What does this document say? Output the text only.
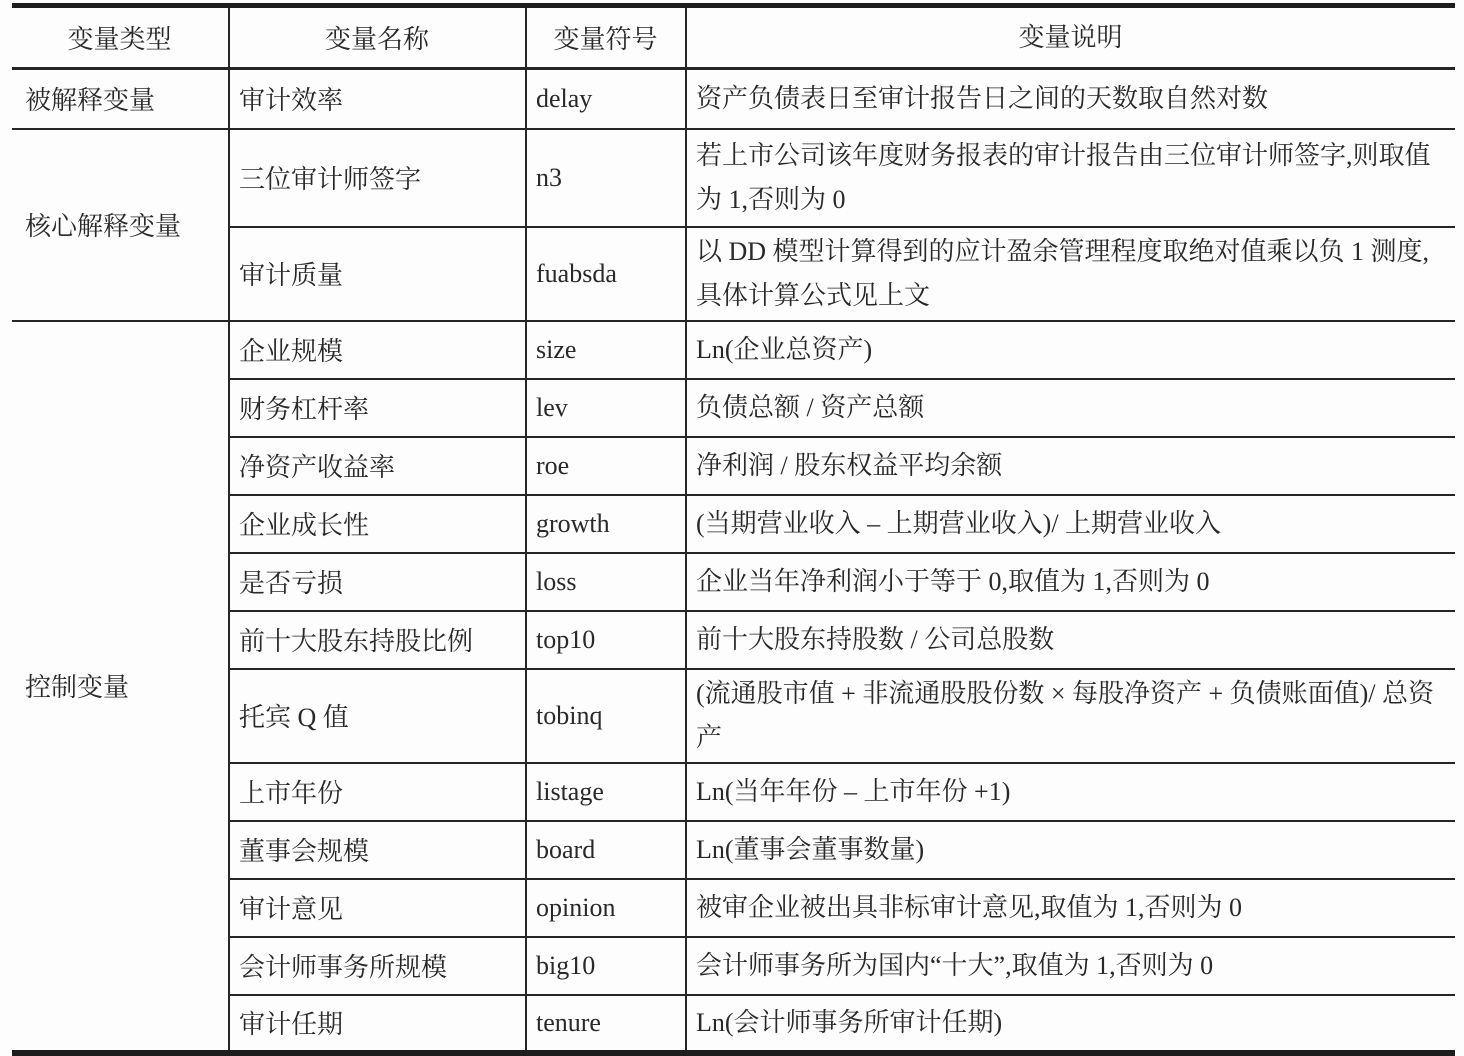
变量类型	变量名称	变量符号	变量说明
被解释变量	审计效率	delay	资产负债表日至审计报告日之间的天数取自然对数
核心解释变量	三位审计师签字	n3	若上市公司该年度财务报表的审计报告由三位审计师签字,则取值为 1,否则为 0
	审计质量	fuabsda	以 DD 模型计算得到的应计盈余管理程度取绝对值乘以负 1 测度,具体计算公式见上文
控制变量	企业规模	size	Ln(企业总资产)
	财务杠杆率	lev	负债总额 / 资产总额
	净资产收益率	roe	净利润 / 股东权益平均余额
	企业成长性	growth	(当期营业收入 – 上期营业收入)/ 上期营业收入
	是否亏损	loss	企业当年净利润小于等于 0,取值为 1,否则为 0
	前十大股东持股比例	top10	前十大股东持股数 / 公司总股数
	托宾 Q 值	tobinq	(流通股市值 + 非流通股股份数 × 每股净资产 + 负债账面值)/ 总资产
	上市年份	listage	Ln(当年年份 – 上市年份 +1)
	董事会规模	board	Ln(董事会董事数量)
	审计意见	opinion	被审企业被出具非标审计意见,取值为 1,否则为 0
	会计师事务所规模	big10	会计师事务所为国内“十大”,取值为 1,否则为 0
	审计任期	tenure	Ln(会计师事务所审计任期)
